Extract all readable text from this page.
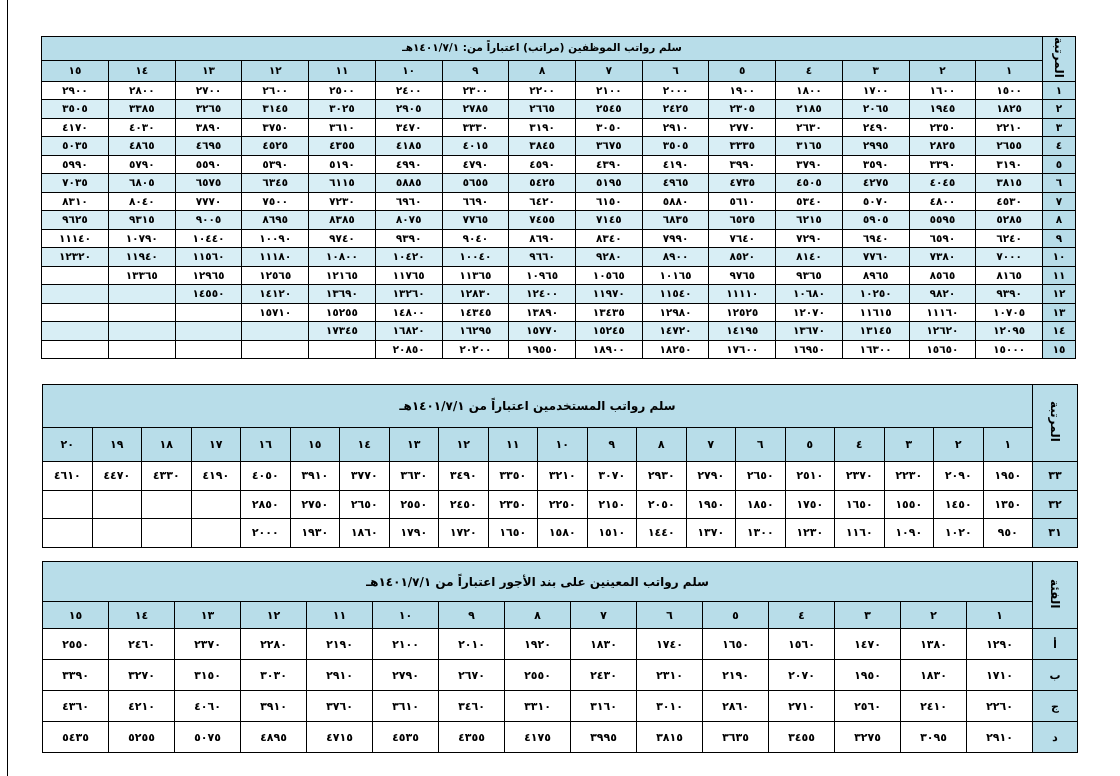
المرتبة	سلم رواتب الموظفين (مراتب) اعتباراً من: ١٤٠١/٧/١هـ														
	١	٢	٣	٤	٥	٦	٧	٨	٩	١٠	١١	١٢	١٣	١٤	١٥
١	١٥٠٠	١٦٠٠	١٧٠٠	١٨٠٠	١٩٠٠	٢٠٠٠	٢١٠٠	٢٢٠٠	٢٣٠٠	٢٤٠٠	٢٥٠٠	٢٦٠٠	٢٧٠٠	٢٨٠٠	٢٩٠٠
٢	١٨٢٥	١٩٤٥	٢٠٦٥	٢١٨٥	٢٣٠٥	٢٤٢٥	٢٥٤٥	٢٦٦٥	٢٧٨٥	٢٩٠٥	٣٠٢٥	٣١٤٥	٣٢٦٥	٣٣٨٥	٣٥٠٥
٣	٢٢١٠	٢٣٥٠	٢٤٩٠	٢٦٣٠	٢٧٧٠	٢٩١٠	٣٠٥٠	٣١٩٠	٣٣٣٠	٣٤٧٠	٣٦١٠	٣٧٥٠	٣٨٩٠	٤٠٣٠	٤١٧٠
٤	٢٦٥٥	٢٨٢٥	٢٩٩٥	٣١٦٥	٣٣٣٥	٣٥٠٥	٣٦٧٥	٣٨٤٥	٤٠١٥	٤١٨٥	٤٣٥٥	٤٥٢٥	٤٦٩٥	٤٨٦٥	٥٠٣٥
٥	٣١٩٠	٣٣٩٠	٣٥٩٠	٣٧٩٠	٣٩٩٠	٤١٩٠	٤٣٩٠	٤٥٩٠	٤٧٩٠	٤٩٩٠	٥١٩٠	٥٣٩٠	٥٥٩٠	٥٧٩٠	٥٩٩٠
٦	٣٨١٥	٤٠٤٥	٤٢٧٥	٤٥٠٥	٤٧٣٥	٤٩٦٥	٥١٩٥	٥٤٢٥	٥٦٥٥	٥٨٨٥	٦١١٥	٦٣٤٥	٦٥٧٥	٦٨٠٥	٧٠٣٥
٧	٤٥٣٠	٤٨٠٠	٥٠٧٠	٥٣٤٠	٥٦١٠	٥٨٨٠	٦١٥٠	٦٤٢٠	٦٦٩٠	٦٩٦٠	٧٢٣٠	٧٥٠٠	٧٧٧٠	٨٠٤٠	٨٣١٠
٨	٥٢٨٥	٥٥٩٥	٥٩٠٥	٦٢١٥	٦٥٢٥	٦٨٣٥	٧١٤٥	٧٤٥٥	٧٧٦٥	٨٠٧٥	٨٣٨٥	٨٦٩٥	٩٠٠٥	٩٣١٥	٩٦٢٥
٩	٦٢٤٠	٦٥٩٠	٦٩٤٠	٧٢٩٠	٧٦٤٠	٧٩٩٠	٨٣٤٠	٨٦٩٠	٩٠٤٠	٩٣٩٠	٩٧٤٠	١٠٠٩٠	١٠٤٤٠	١٠٧٩٠	١١١٤٠
١٠	٧٠٠٠	٧٣٨٠	٧٧٦٠	٨١٤٠	٨٥٢٠	٨٩٠٠	٩٢٨٠	٩٦٦٠	١٠٠٤٠	١٠٤٢٠	١٠٨٠٠	١١١٨٠	١١٥٦٠	١١٩٤٠	١٢٣٢٠
١١	٨١٦٥	٨٥٦٥	٨٩٦٥	٩٣٦٥	٩٧٦٥	١٠١٦٥	١٠٥٦٥	١٠٩٦٥	١١٣٦٥	١١٧٦٥	١٢١٦٥	١٢٥٦٥	١٢٩٦٥	١٣٣٦٥	
١٢	٩٣٩٠	٩٨٢٠	١٠٢٥٠	١٠٦٨٠	١١١١٠	١١٥٤٠	١١٩٧٠	١٢٤٠٠	١٢٨٣٠	١٣٢٦٠	١٣٦٩٠	١٤١٢٠	١٤٥٥٠		
١٣	١٠٧٠٥	١١١٦٠	١١٦١٥	١٢٠٧٠	١٢٥٢٥	١٢٩٨٠	١٣٤٣٥	١٣٨٩٠	١٤٣٤٥	١٤٨٠٠	١٥٢٥٥	١٥٧١٠			
١٤	١٢٠٩٥	١٢٦٢٠	١٣١٤٥	١٣٦٧٠	١٤١٩٥	١٤٧٢٠	١٥٢٤٥	١٥٧٧٠	١٦٢٩٥	١٦٨٢٠	١٧٣٤٥				
١٥	١٥٠٠٠	١٥٦٥٠	١٦٣٠٠	١٦٩٥٠	١٧٦٠٠	١٨٢٥٠	١٨٩٠٠	١٩٥٥٠	٢٠٢٠٠	٢٠٨٥٠					
المرتبة	سلم رواتب المستخدمين اعتباراً من ١٤٠١/٧/١هـ																			
	١	٢	٣	٤	٥	٦	٧	٨	٩	١٠	١١	١٢	١٣	١٤	١٥	١٦	١٧	١٨	١٩	٢٠
٣٣	١٩٥٠	٢٠٩٠	٢٢٣٠	٢٣٧٠	٢٥١٠	٢٦٥٠	٢٧٩٠	٢٩٣٠	٣٠٧٠	٣٢١٠	٣٣٥٠	٣٤٩٠	٣٦٣٠	٣٧٧٠	٣٩١٠	٤٠٥٠	٤١٩٠	٤٣٣٠	٤٤٧٠	٤٦١٠
٣٢	١٣٥٠	١٤٥٠	١٥٥٠	١٦٥٠	١٧٥٠	١٨٥٠	١٩٥٠	٢٠٥٠	٢١٥٠	٢٢٥٠	٢٣٥٠	٢٤٥٠	٢٥٥٠	٢٦٥٠	٢٧٥٠	٢٨٥٠				
٣١	٩٥٠	١٠٢٠	١٠٩٠	١١٦٠	١٢٣٠	١٣٠٠	١٣٧٠	١٤٤٠	١٥١٠	١٥٨٠	١٦٥٠	١٧٢٠	١٧٩٠	١٨٦٠	١٩٣٠	٢٠٠٠				
الفئة	سلم رواتب المعينين على بند الأجور اعتباراً من ١٤٠١/٧/١هـ														
	١	٢	٣	٤	٥	٦	٧	٨	٩	١٠	١١	١٢	١٣	١٤	١٥
أ	١٢٩٠	١٣٨٠	١٤٧٠	١٥٦٠	١٦٥٠	١٧٤٠	١٨٣٠	١٩٢٠	٢٠١٠	٢١٠٠	٢١٩٠	٢٢٨٠	٢٣٧٠	٢٤٦٠	٢٥٥٠
ب	١٧١٠	١٨٣٠	١٩٥٠	٢٠٧٠	٢١٩٠	٢٣١٠	٢٤٣٠	٢٥٥٠	٢٦٧٠	٢٧٩٠	٢٩١٠	٣٠٣٠	٣١٥٠	٣٢٧٠	٣٣٩٠
ج	٢٢٦٠	٢٤١٠	٢٥٦٠	٢٧١٠	٢٨٦٠	٣٠١٠	٣١٦٠	٣٣١٠	٣٤٦٠	٣٦١٠	٣٧٦٠	٣٩١٠	٤٠٦٠	٤٢١٠	٤٣٦٠
د	٢٩١٠	٣٠٩٥	٣٢٧٥	٣٤٥٥	٣٦٣٥	٣٨١٥	٣٩٩٥	٤١٧٥	٤٣٥٥	٤٥٣٥	٤٧١٥	٤٨٩٥	٥٠٧٥	٥٢٥٥	٥٤٣٥
